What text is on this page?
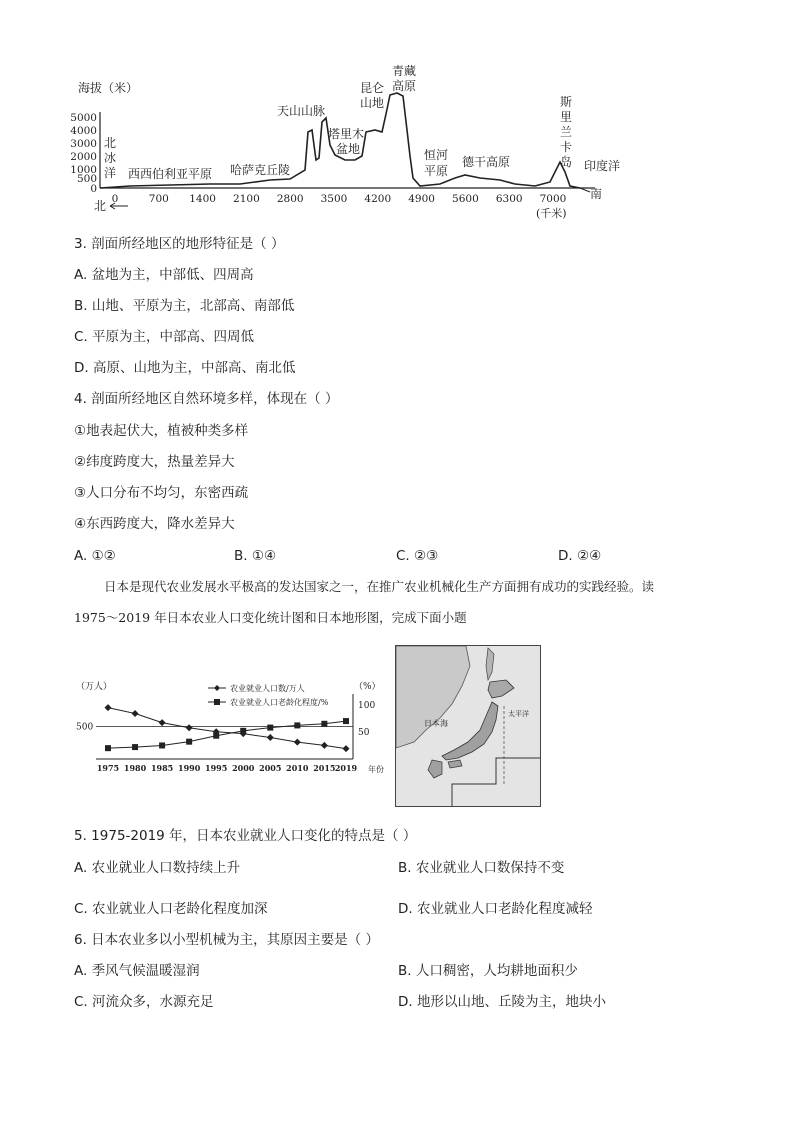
海拔（米）
5000
4000
3000
2000
1000
500
0
0	700 1400 2100 2800 3500 4200 4900 5600 6300 7000
北
冰
洋 西西伯利亚平原 哈萨克丘陵
天山山脉
塔里木
盆地
昆仑
山地
青藏
高原
恒河
平原
德干高原
斯
里
兰
卡
岛 印度洋
北
南
(千米)
3. 剖面所经地区的地形特征是（ ）
A. 盆地为主，中部低、四周高
B. 山地、平原为主，北部高、南部低
C. 平原为主，中部高、四周低
D. 高原、山地为主，中部高、南北低
4. 剖面所经地区自然环境多样，体现在（ ）
①地表起伏大，植被种类多样
②纬度跨度大，热量差异大
③人口分布不均匀，东密西疏
④东西跨度大，降水差异大
A. ①②	B. ①④	C. ②③	D. ②④
日本是现代农业发展水平极高的发达国家之一，在推广农业机械化生产方面拥有成功的实践经验。读
1975～2019 年日本农业人口变化统计图和日本地形图，完成下面小题
（万人）	（%）
500
100
50
农业就业人口数/万人
农业就业人口老龄化程度/%
1975 1980 1985 1990 1995 2000 2005 2010 2015 2019 年份
日本海
太平洋
5. 1975-2019 年，日本农业就业人口变化的特点是（ ）
A. 农业就业人口数持续上升	B. 农业就业人口数保持不变
C. 农业就业人口老龄化程度加深	D. 农业就业人口老龄化程度减轻
6. 日本农业多以小型机械为主，其原因主要是（ ）
A. 季风气候温暖湿润	B. 人口稠密，人均耕地面积少
C. 河流众多，水源充足	D. 地形以山地、丘陵为主，地块小
